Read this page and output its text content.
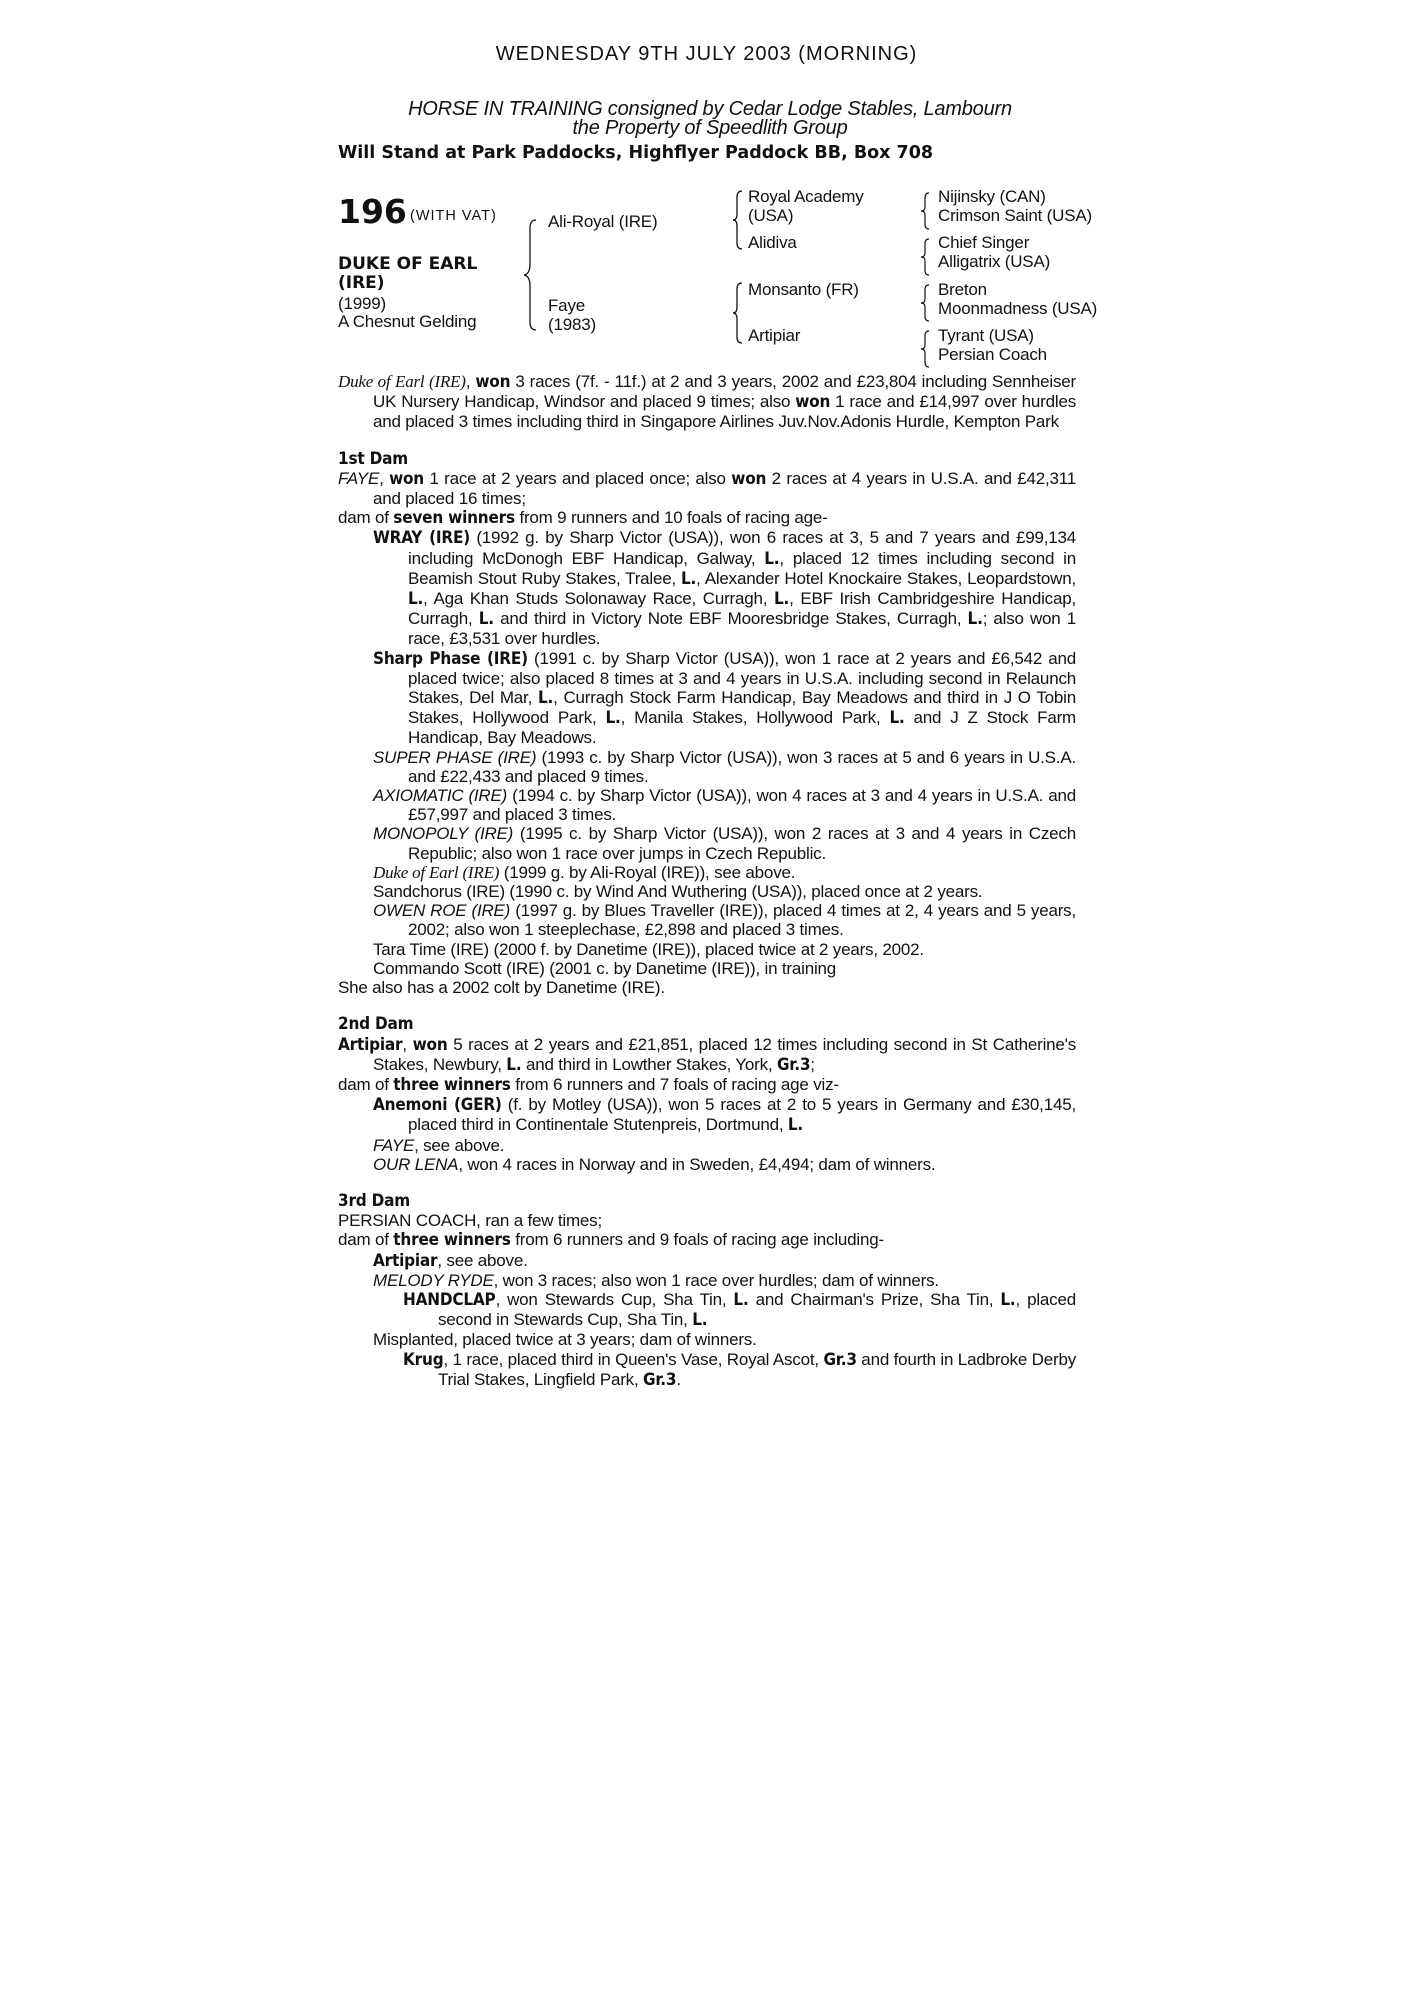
WEDNESDAY 9TH JULY 2003 (MORNING)
HORSE IN TRAINING consigned by Cedar Lodge Stables, Lambourn
the Property of Speedlith Group
Will Stand at Park Paddocks, Highflyer Paddock BB, Box 708
196 (WITH VAT)
DUKE OF EARL
(IRE)
(1999)
A Chesnut Gelding
Ali-Royal (IRE)
Faye
(1983)
Royal Academy
(USA)
Alidiva
Monsanto (FR)
Artipiar
Nijinsky (CAN)
Crimson Saint (USA)
Chief Singer
Alligatrix (USA)
Breton
Moonmadness (USA)
Tyrant (USA)
Persian Coach

Duke of Earl (IRE), won 3 races (7f. - 11f.) at 2 and 3 years, 2002 and £23,804 including Sennheiser UK Nursery Handicap, Windsor and placed 9 times; also won 1 race and £14,997 over hurdles and placed 3 times including third in Singapore Airlines Juv.Nov.Adonis Hurdle, Kempton Park

1st Dam

FAYE, won 1 race at 2 years and placed once; also won 2 races at 4 years in U.S.A. and £42,311 and placed 16 times;

dam of seven winners from 9 runners and 10 foals of racing age-

WRAY (IRE) (1992 g. by Sharp Victor (USA)), won 6 races at 3, 5 and 7 years and £99,134 including McDonogh EBF Handicap, Galway, L., placed 12 times including second in Beamish Stout Ruby Stakes, Tralee, L., Alexander Hotel Knockaire Stakes, Leopardstown, L., Aga Khan Studs Solonaway Race, Curragh, L., EBF Irish Cambridgeshire Handicap, Curragh, L. and third in Victory Note EBF Mooresbridge Stakes, Curragh, L.; also won 1 race, £3,531 over hurdles.

Sharp Phase (IRE) (1991 c. by Sharp Victor (USA)), won 1 race at 2 years and £6,542 and placed twice; also placed 8 times at 3 and 4 years in U.S.A. including second in Relaunch Stakes, Del Mar, L., Curragh Stock Farm Handicap, Bay Meadows and third in J O Tobin Stakes, Hollywood Park, L., Manila Stakes, Hollywood Park, L. and J Z Stock Farm Handicap, Bay Meadows.

SUPER PHASE (IRE) (1993 c. by Sharp Victor (USA)), won 3 races at 5 and 6 years in U.S.A. and £22,433 and placed 9 times.

AXIOMATIC (IRE) (1994 c. by Sharp Victor (USA)), won 4 races at 3 and 4 years in U.S.A. and £57,997 and placed 3 times.

MONOPOLY (IRE) (1995 c. by Sharp Victor (USA)), won 2 races at 3 and 4 years in Czech Republic; also won 1 race over jumps in Czech Republic.

Duke of Earl (IRE) (1999 g. by Ali-Royal (IRE)), see above.

Sandchorus (IRE) (1990 c. by Wind And Wuthering (USA)), placed once at 2 years.

OWEN ROE (IRE) (1997 g. by Blues Traveller (IRE)), placed 4 times at 2, 4 years and 5 years, 2002; also won 1 steeplechase, £2,898 and placed 3 times.

Tara Time (IRE) (2000 f. by Danetime (IRE)), placed twice at 2 years, 2002.

Commando Scott (IRE) (2001 c. by Danetime (IRE)), in training

She also has a 2002 colt by Danetime (IRE).

2nd Dam

Artipiar, won 5 races at 2 years and £21,851, placed 12 times including second in St Catherine's Stakes, Newbury, L. and third in Lowther Stakes, York, Gr.3;

dam of three winners from 6 runners and 7 foals of racing age viz-

Anemoni (GER) (f. by Motley (USA)), won 5 races at 2 to 5 years in Germany and £30,145, placed third in Continentale Stutenpreis, Dortmund, L.

FAYE, see above.

OUR LENA, won 4 races in Norway and in Sweden, £4,494; dam of winners.

3rd Dam

PERSIAN COACH, ran a few times;

dam of three winners from 6 runners and 9 foals of racing age including-

Artipiar, see above.

MELODY RYDE, won 3 races; also won 1 race over hurdles; dam of winners.

HANDCLAP, won Stewards Cup, Sha Tin, L. and Chairman's Prize, Sha Tin, L., placed second in Stewards Cup, Sha Tin, L.

Misplanted, placed twice at 3 years; dam of winners.

Krug, 1 race, placed third in Queen's Vase, Royal Ascot, Gr.3 and fourth in Ladbroke Derby Trial Stakes, Lingfield Park, Gr.3.
